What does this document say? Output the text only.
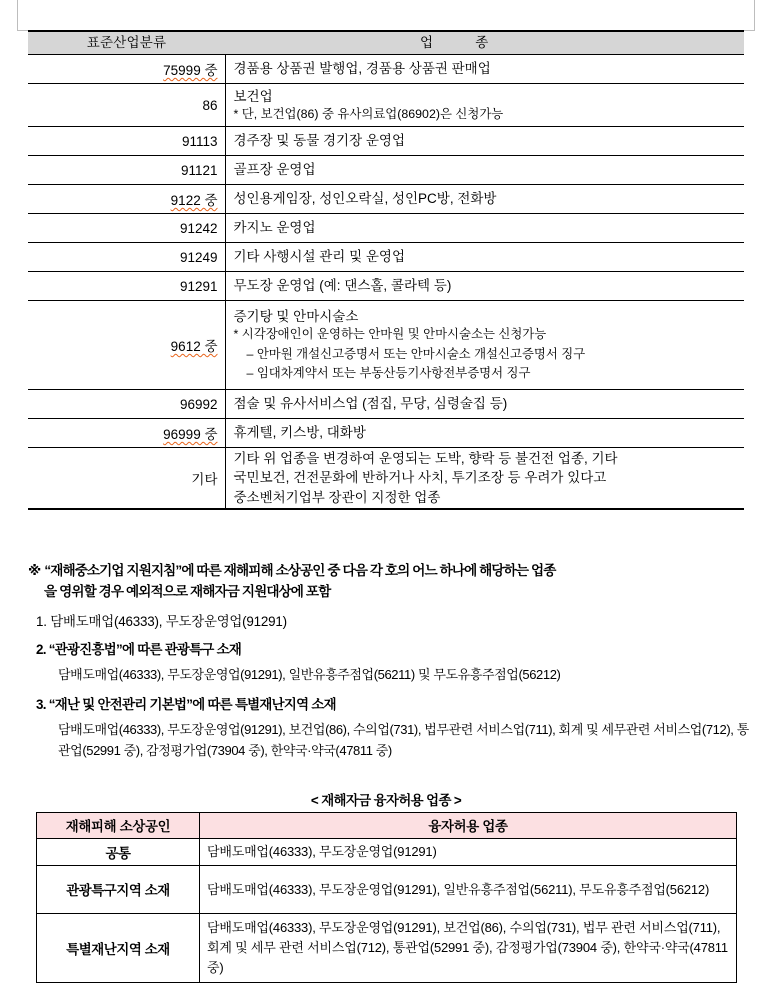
표준산업분류	업 종
75999 중	경품용 상품권 발행업, 경품용 상품권 판매업

86	보건업
* 단, 보건업(86) 중 유사의료업(86902)은 신청가능

91113	경주장 및 동물 경기장 운영업

91121	골프장 운영업

9122 중	성인용게임장, 성인오락실, 성인PC방, 전화방

91242	카지노 운영업

91249	기타 사행시설 관리 및 운영업

91291	무도장 운영업 (예: 댄스홀, 콜라텍 등)

9612 중	증기탕 및 안마시술소
* 시각장애인이 운영하는 안마원 및 안마시술소는 신청가능
– 안마원 개설신고증명서 또는 안마시술소 개설신고증명서 징구
– 임대차계약서 또는 부동산등기사항전부증명서 징구

96992	점술 및 유사서비스업 (점집, 무당, 심령술집 등)

96999 중	휴게텔, 키스방, 대화방

기타	기타 위 업종을 변경하여 운영되는 도박, 향락 등 불건전 업종, 기타
국민보건, 건전문화에 반하거나 사치, 투기조장 등 우려가 있다고
중소벤처기업부 장관이 지정한 업종
※ “재해중소기업 지원지침”에 따른 재해피해 소상공인 중 다음 각 호의 어느 하나에 해당하는 업종
을 영위할 경우 예외적으로 재해자금 지원대상에 포함
1. 담배도매업(46333), 무도장운영업(91291)
2. “관광진흥법”에 따른 관광특구 소재
담배도매업(46333), 무도장운영업(91291), 일반유흥주점업(56211) 및 무도유흥주점업(56212)
3. “재난 및 안전관리 기본법”에 따른 특별재난지역 소재
담배도매업(46333), 무도장운영업(91291), 보건업(86), 수의업(731), 법무관련 서비스업(711), 회계 및 세무관련 서비스업(712), 통관업(52991 중), 감정평가업(73904 중), 한약국·약국(47811 중)
< 재해자금 융자허용 업종 >
재해피해 소상공인	융자허용 업종
공통	담배도매업(46333), 무도장운영업(91291)
관광특구지역 소재	담배도매업(46333), 무도장운영업(91291), 일반유흥주점업(56211), 무도유흥주점업(56212)
특별재난지역 소재	담배도매업(46333), 무도장운영업(91291), 보건업(86), 수의업(731), 법무 관련 서비스업(711), 회계 및 세무 관련 서비스업(712), 통관업(52991 중), 감정평가업(73904 중), 한약국·약국(47811 중)
